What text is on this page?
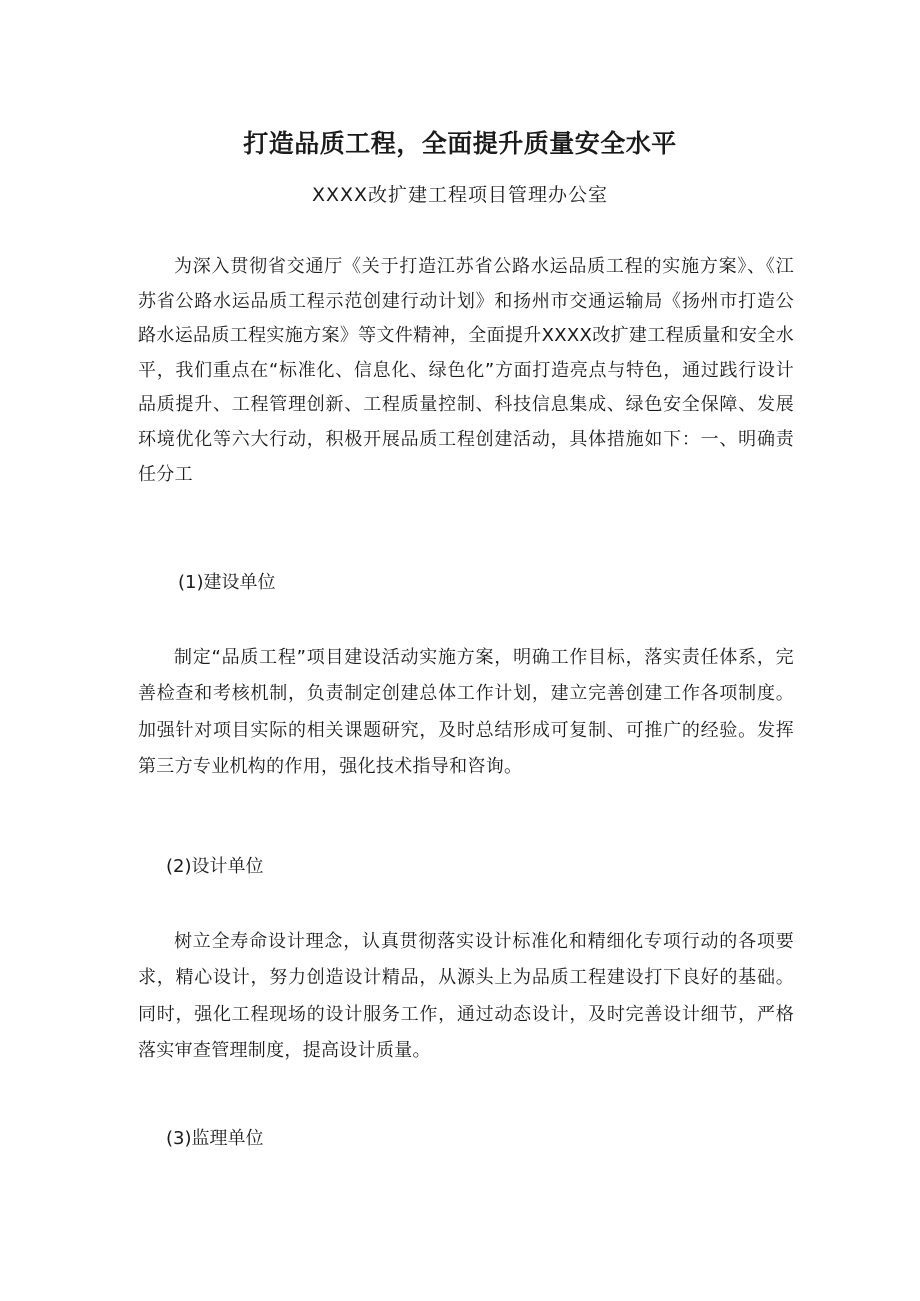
打造品质工程，全面提升质量安全水平
XXXX改扩建工程项目管理办公室

为深入贯彻省交通厅《关于打造江苏省公路水运品质工程的实施方案》、《江苏省公路水运品质工程示范创建行动计划》和扬州市交通运输局《扬州市打造公路水运品质工程实施方案》等文件精神，全面提升XXXX改扩建工程质量和安全水平，我们重点在“标准化、信息化、绿色化”方面打造亮点与特色，通过践行设计品质提升、工程管理创新、工程质量控制、科技信息集成、绿色安全保障、发展环境优化等六大行动，积极开展品质工程创建活动，具体措施如下：一、明确责任分工

(1)建设单位

制定“品质工程”项目建设活动实施方案，明确工作目标，落实责任体系，完善检查和考核机制，负责制定创建总体工作计划，建立完善创建工作各项制度。加强针对项目实际的相关课题研究，及时总结形成可复制、可推广的经验。发挥第三方专业机构的作用，强化技术指导和咨询。

(2)设计单位

树立全寿命设计理念，认真贯彻落实设计标准化和精细化专项行动的各项要求，精心设计，努力创造设计精品，从源头上为品质工程建设打下良好的基础。同时，强化工程现场的设计服务工作，通过动态设计，及时完善设计细节，严格落实审查管理制度，提高设计质量。

(3)监理单位
